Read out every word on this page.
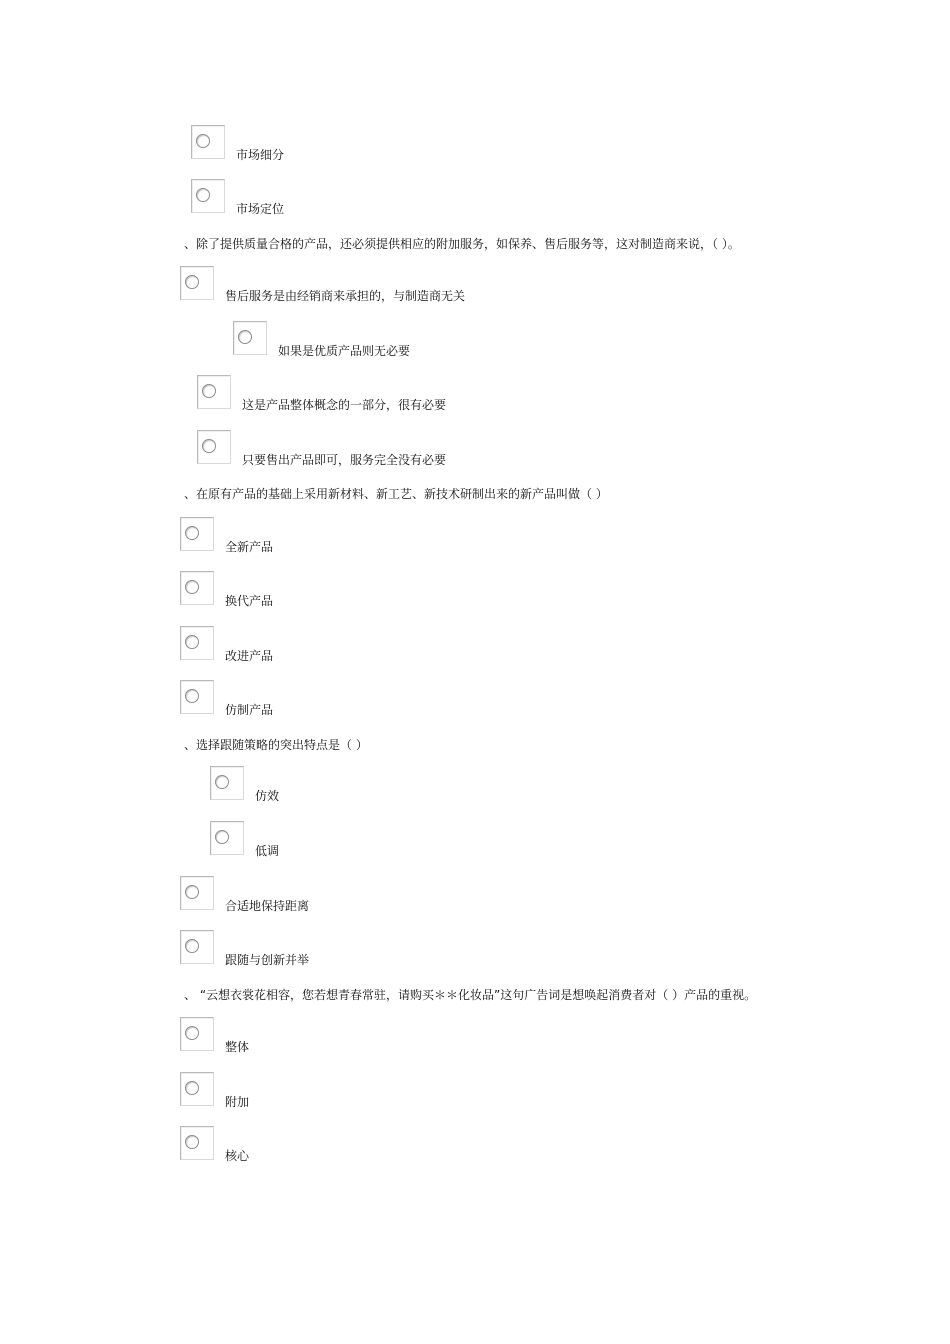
市场细分
市场定位
、除了提供质量合格的产品，还必须提供相应的附加服务，如保养、售后服务等，这对制造商来说，（ ）。
售后服务是由经销商来承担的，与制造商无关
如果是优质产品则无必要
这是产品整体概念的一部分，很有必要
只要售出产品即可，服务完全没有必要
、在原有产品的基础上采用新材料、新工艺、新技术研制出来的新产品叫做（ ）
全新产品
换代产品
改进产品
仿制产品
、选择跟随策略的突出特点是（ ）
仿效
低调
合适地保持距离
跟随与创新并举
、 “云想衣裳花相容，您若想青春常驻，请购买＊＊化妆品”这句广告词是想唤起消费者对（ ）产品的重视。
整体
附加
核心
